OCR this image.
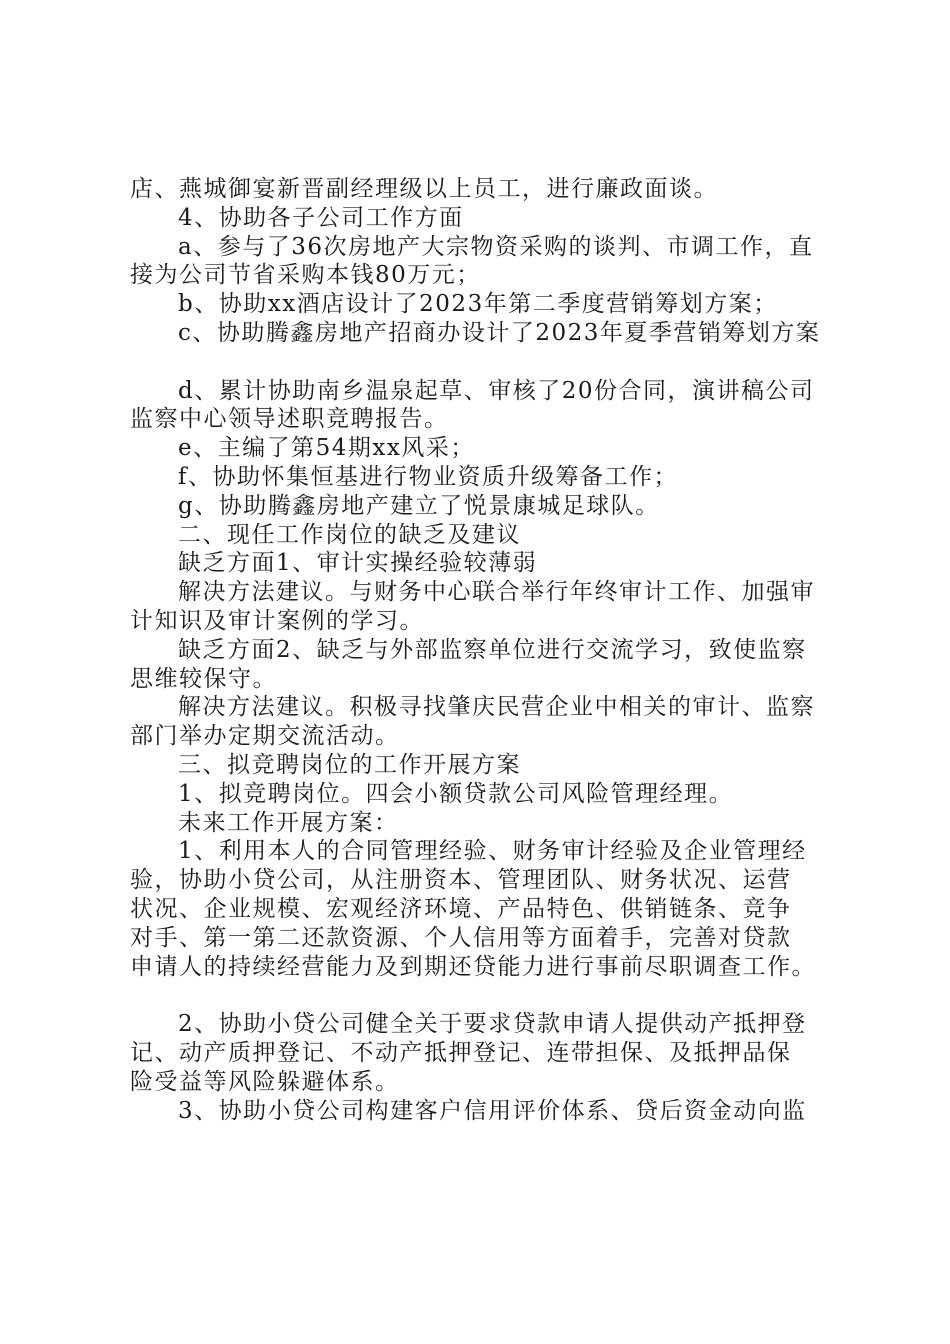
店、燕城御宴新晋副经理级以上员工，进行廉政面谈。
4、协助各子公司工作方面
a、参与了36次房地产大宗物资采购的谈判、市调工作，直
接为公司节省采购本钱80万元；
b、协助xx酒店设计了2023年第二季度营销筹划方案；
c、协助腾鑫房地产招商办设计了2023年夏季营销筹划方案
d、累计协助南乡温泉起草、审核了20份合同，演讲稿公司
监察中心领导述职竞聘报告。
e、主编了第54期xx风采；
f、协助怀集恒基进行物业资质升级筹备工作；
g、协助腾鑫房地产建立了悦景康城足球队。
二、现任工作岗位的缺乏及建议
缺乏方面1、审计实操经验较薄弱
解决方法建议。与财务中心联合举行年终审计工作、加强审
计知识及审计案例的学习。
缺乏方面2、缺乏与外部监察单位进行交流学习，致使监察
思维较保守。
解决方法建议。积极寻找肇庆民营企业中相关的审计、监察
部门举办定期交流活动。
三、拟竞聘岗位的工作开展方案
1、拟竞聘岗位。四会小额贷款公司风险管理经理。
未来工作开展方案：
1、利用本人的合同管理经验、财务审计经验及企业管理经
验，协助小贷公司，从注册资本、管理团队、财务状况、运营
状况、企业规模、宏观经济环境、产品特色、供销链条、竞争
对手、第一第二还款资源、个人信用等方面着手，完善对贷款
申请人的持续经营能力及到期还贷能力进行事前尽职调查工作。
2、协助小贷公司健全关于要求贷款申请人提供动产抵押登
记、动产质押登记、不动产抵押登记、连带担保、及抵押品保
险受益等风险躲避体系。
3、协助小贷公司构建客户信用评价体系、贷后资金动向监
